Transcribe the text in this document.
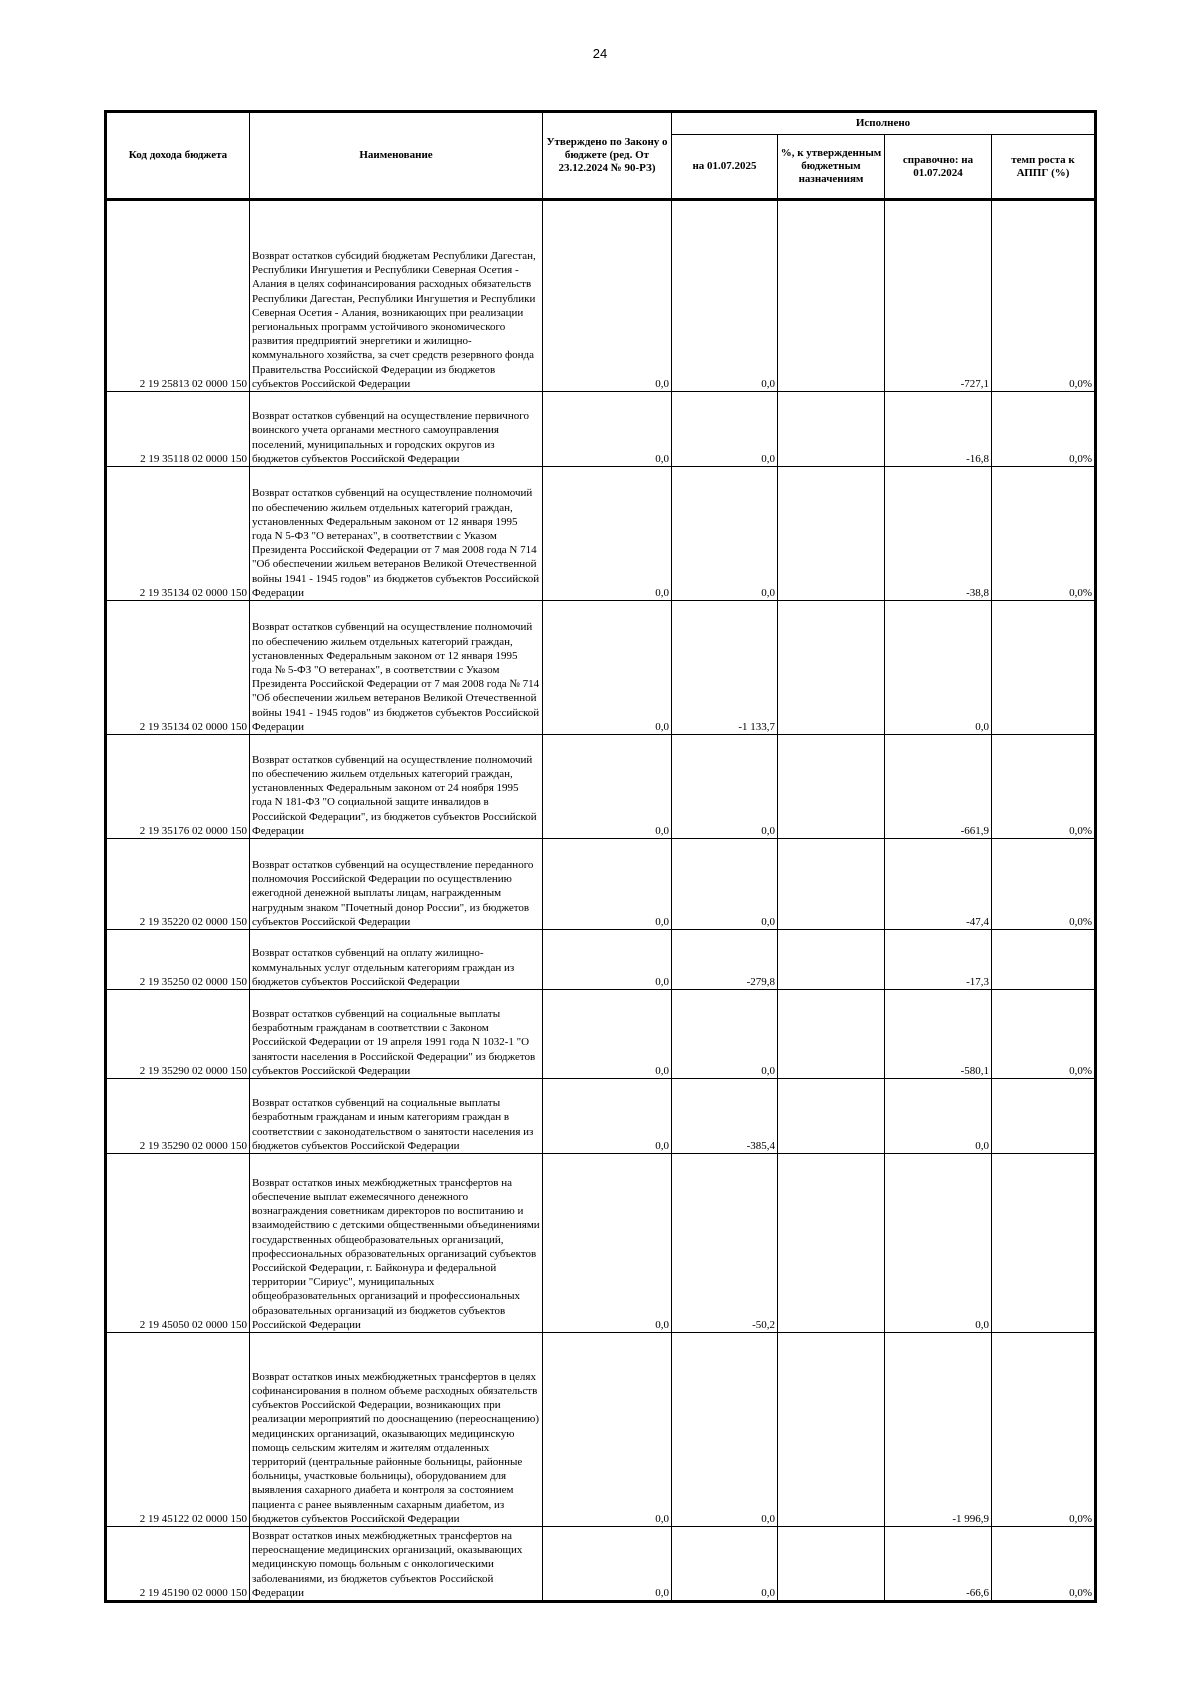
24
Код дохода бюджета	Наименование	Утверждено по Закону о бюджете (ред. От 23.12.2024 № 90-РЗ)	Исполнено			
			на 01.07.2025	%, к утвержденным бюджетным назначениям	справочно: на 01.07.2024	темп роста к АППГ (%)
2 19 25813 02 0000 150	Возврат остатков субсидий бюджетам Республики Дагестан, Республики Ингушетия и Республики Северная Осетия - Алания в целях софинансирования расходных обязательств Республики Дагестан, Республики Ингушетия и Республики Северная Осетия - Алания, возникающих при реализации региональных программ устойчивого экономического развития предприятий энергетики и жилищно-коммунального хозяйства, за счет средств резервного фонда Правительства Российской Федерации из бюджетов субъектов Российской Федерации	0,0	0,0		-727,1	0,0%
2 19 35118 02 0000 150	Возврат остатков субвенций на осуществление первичного воинского учета органами местного самоуправления поселений, муниципальных и городских округов из бюджетов субъектов Российской Федерации	0,0	0,0		-16,8	0,0%
2 19 35134 02 0000 150	Возврат остатков субвенций на осуществление полномочий по обеспечению жильем отдельных категорий граждан, установленных Федеральным законом от 12 января 1995 года N 5-ФЗ "О ветеранах", в соответствии с Указом Президента Российской Федерации от 7 мая 2008 года N 714 "Об обеспечении жильем ветеранов Великой Отечественной войны 1941 - 1945 годов" из бюджетов субъектов Российской Федерации	0,0	0,0		-38,8	0,0%
2 19 35134 02 0000 150	Возврат остатков субвенций на осуществление полномочий по обеспечению жильем отдельных категорий граждан, установленных Федеральным законом от 12 января 1995 года № 5-ФЗ "О ветеранах", в соответствии с Указом Президента Российской Федерации от 7 мая 2008 года № 714 "Об обеспечении жильем ветеранов Великой Отечественной войны 1941 - 1945 годов" из бюджетов субъектов Российской Федерации	0,0	-1 133,7		0,0	
2 19 35176 02 0000 150	Возврат остатков субвенций на осуществление полномочий по обеспечению жильем отдельных категорий граждан, установленных Федеральным законом от 24 ноября 1995 года N 181-ФЗ "О социальной защите инвалидов в Российской Федерации", из бюджетов субъектов Российской Федерации	0,0	0,0		-661,9	0,0%
2 19 35220 02 0000 150	Возврат остатков субвенций на осуществление переданного полномочия Российской Федерации по осуществлению ежегодной денежной выплаты лицам, награжденным нагрудным знаком "Почетный донор России", из бюджетов субъектов Российской Федерации	0,0	0,0		-47,4	0,0%
2 19 35250 02 0000 150	Возврат остатков субвенций на оплату жилищно-коммунальных услуг отдельным категориям граждан из бюджетов субъектов Российской Федерации	0,0	-279,8		-17,3	
2 19 35290 02 0000 150	Возврат остатков субвенций на социальные выплаты безработным гражданам в соответствии с Законом Российской Федерации от 19 апреля 1991 года N 1032-1 "О занятости населения в Российской Федерации" из бюджетов субъектов Российской Федерации	0,0	0,0		-580,1	0,0%
2 19 35290 02 0000 150	Возврат остатков субвенций на социальные выплаты безработным гражданам и иным категориям граждан в соответствии с законодательством о занятости населения из бюджетов субъектов Российской Федерации	0,0	-385,4		0,0	
2 19 45050 02 0000 150	Возврат остатков иных межбюджетных трансфертов на обеспечение выплат ежемесячного денежного вознаграждения советникам директоров по воспитанию и взаимодействию с детскими общественными объединениями государственных общеобразовательных организаций, профессиональных образовательных организаций субъектов Российской Федерации, г. Байконура и федеральной территории "Сириус", муниципальных общеобразовательных организаций и профессиональных образовательных организаций из бюджетов субъектов Российской Федерации	0,0	-50,2		0,0	
2 19 45122 02 0000 150	Возврат остатков иных межбюджетных трансфертов в целях софинансирования в полном объеме расходных обязательств субъектов Российской Федерации, возникающих при реализации мероприятий по дооснащению (переоснащению) медицинских организаций, оказывающих медицинскую помощь сельским жителям и жителям отдаленных территорий (центральные районные больницы, районные больницы, участковые больницы), оборудованием для выявления сахарного диабета и контроля за состоянием пациента с ранее выявленным сахарным диабетом, из бюджетов субъектов Российской Федерации	0,0	0,0		-1 996,9	0,0%
2 19 45190 02 0000 150	Возврат остатков иных межбюджетных трансфертов на переоснащение медицинских организаций, оказывающих медицинскую помощь больным с онкологическими заболеваниями, из бюджетов субъектов Российской Федерации	0,0	0,0		-66,6	0,0%
